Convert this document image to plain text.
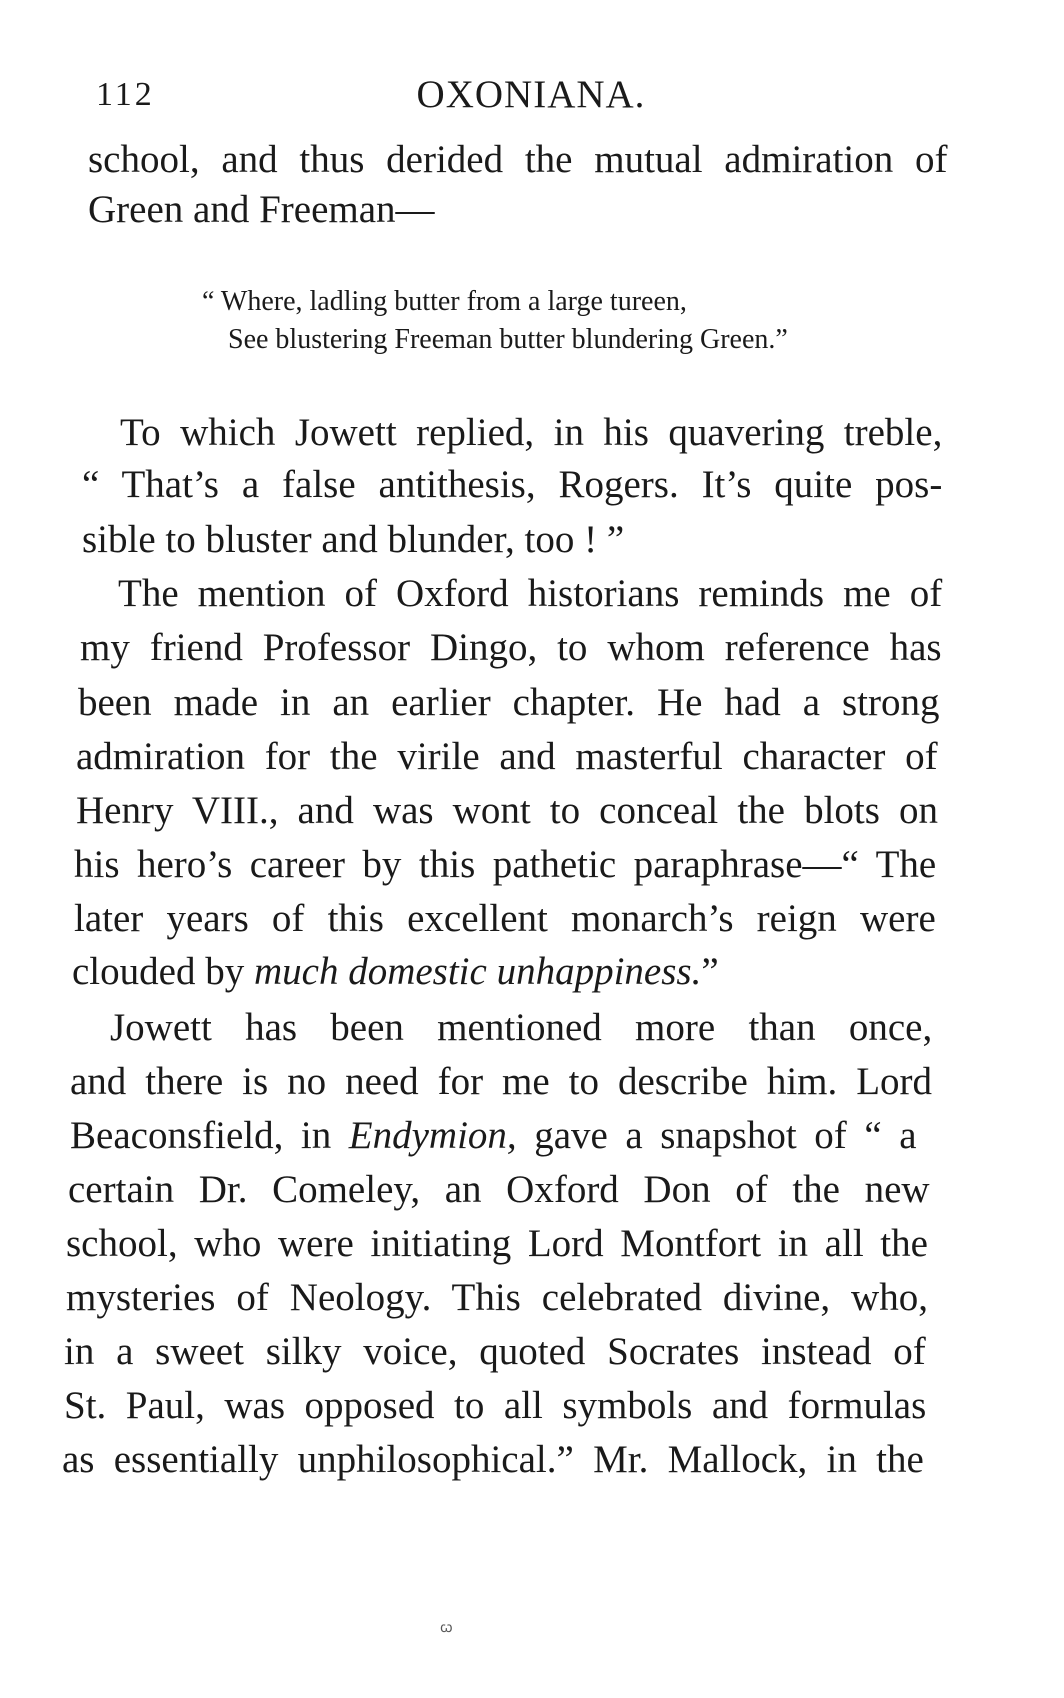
112	OXONIANA.
school, and thus derided the mutual admiration of
Green and Freeman—
“ Where, ladling butter from a large tureen,
See blustering Freeman butter blundering Green.”
To which Jowett replied, in his quavering treble,
“ That’s a false antithesis, Rogers. It’s quite pos-
sible to bluster and blunder, too ! ”
The mention of Oxford historians reminds me of
my friend Professor Dingo, to whom reference has
been made in an earlier chapter. He had a strong
admiration for the virile and masterful character of
Henry VIII., and was wont to conceal the blots on
his hero’s career by this pathetic paraphrase—“ The
later years of this excellent monarch’s reign were
clouded by much domestic unhappiness.”
Jowett has been mentioned more than once,
and there is no need for me to describe him. Lord
Beaconsfield, in Endymion, gave a snapshot of “ a
certain Dr. Comeley, an Oxford Don of the new
school, who were initiating Lord Montfort in all the
mysteries of Neology. This celebrated divine, who,
in a sweet silky voice, quoted Socrates instead of
St. Paul, was opposed to all symbols and formulas
as essentially unphilosophical.” Mr. Mallock, in the
ꞷ
